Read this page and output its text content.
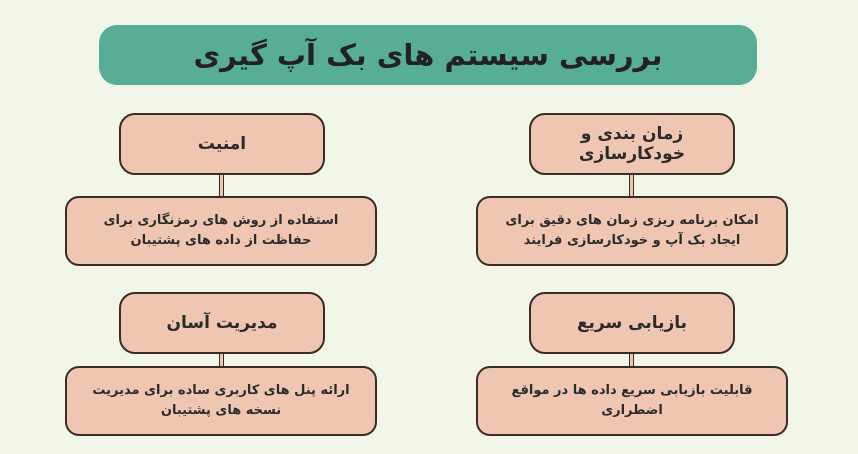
بررسی سیستم های بک آپ گیری
امنیت
استفاده از روش های رمزنگاری برای حفاظت از داده های پشتیبان
زمان بندی و خودکارسازی
امکان برنامه ریزی زمان های دقیق برای ایجاد بک آپ و خودکارسازی فرایند
مدیریت آسان
ارائه پنل های کاربری ساده برای مدیریت نسخه های پشتیبان
بازیابی سریع
قابلیت بازیابی سریع داده ها در مواقع اضطراری
